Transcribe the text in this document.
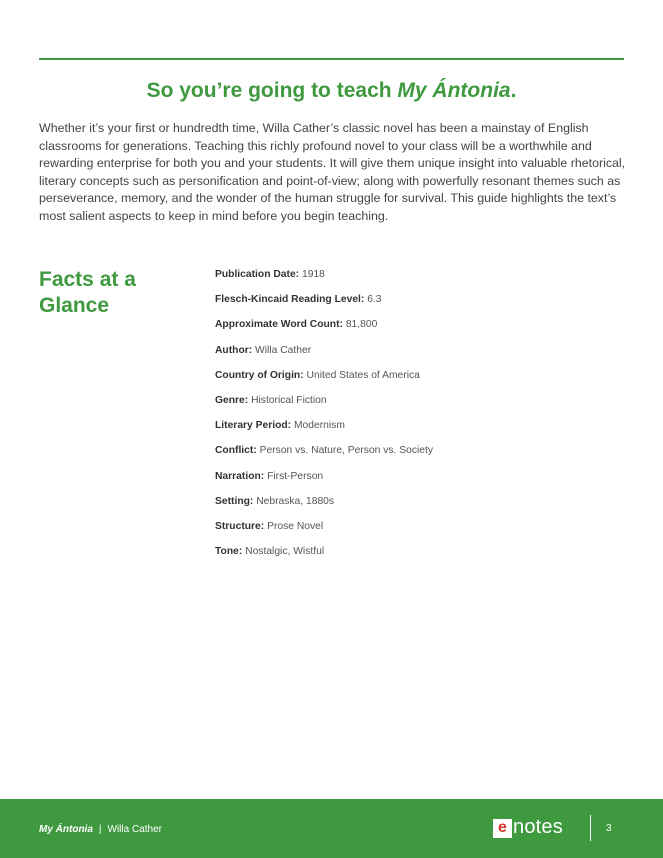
So you’re going to teach My Ántonia.

Whether it’s your first or hundredth time, Willa Cather’s classic novel has been a mainstay of English classrooms for generations. Teaching this richly profound novel to your class will be a worthwhile and rewarding enterprise for both you and your students. It will give them unique insight into valuable rhetorical, literary concepts such as personification and point-of-view; along with powerfully resonant themes such as perseverance, memory, and the wonder of the human struggle for survival. This guide highlights the text’s most salient aspects to keep in mind before you begin teaching.

Facts at a Glance
Publication Date: 1918
Flesch-Kincaid Reading Level: 6.3
Approximate Word Count: 81,800
Author: Willa Cather
Country of Origin: United States of America
Genre: Historical Fiction
Literary Period: Modernism
Conflict: Person vs. Nature, Person vs. Society
Narration: First-Person
Setting: Nebraska, 1880s
Structure: Prose Novel
Tone: Nostalgic, Wistful
My Ántonia | Willa Cather	e notes	3
